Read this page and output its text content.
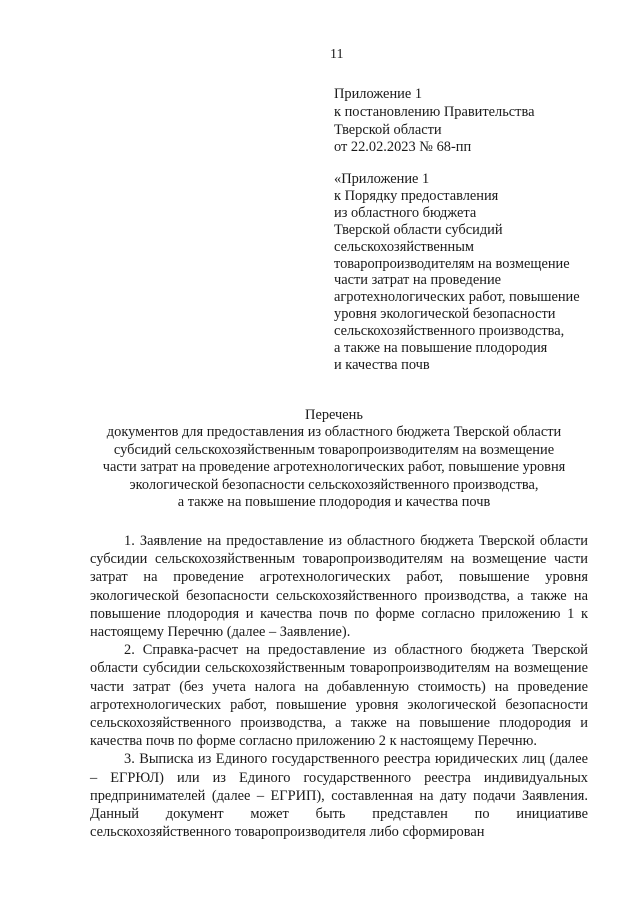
11
Приложение 1
к постановлению Правительства
Тверской области
от 22.02.2023 № 68-пп
«Приложение 1
к Порядку предоставления
из областного бюджета
Тверской области субсидий
сельскохозяйственным
товаропроизводителям на возмещение
части затрат на проведение
агротехнологических работ, повышение
уровня экологической безопасности
сельскохозяйственного производства,
а также на повышение плодородия
и качества почв
Перечень
документов для предоставления из областного бюджета Тверской области
субсидий сельскохозяйственным товаропроизводителям на возмещение
части затрат на проведение агротехнологических работ, повышение уровня
экологической безопасности сельскохозяйственного производства,
а также на повышение плодородия и качества почв

1. Заявление на предоставление из областного бюджета Тверской области субсидии сельскохозяйственным товаропроизводителям на возмещение части затрат на проведение агротехнологических работ, повышение уровня экологической безопасности сельскохозяйственного производства, а также на повышение плодородия и качества почв по форме согласно приложению 1 к настоящему Перечню (далее – Заявление).

2. Справка-расчет на предоставление из областного бюджета Тверской области субсидии сельскохозяйственным товаропроизводителям на возмещение части затрат (без учета налога на добавленную стоимость) на проведение агротехнологических работ, повышение уровня экологической безопасности сельскохозяйственного производства, а также на повышение плодородия и качества почв по форме согласно приложению 2 к настоящему Перечню.

3. Выписка из Единого государственного реестра юридических лиц (далее – ЕГРЮЛ) или из Единого государственного реестра индивидуальных предпринимателей (далее – ЕГРИП), составленная на дату подачи Заявления. Данный документ может быть представлен по инициативе сельскохозяйственного товаропроизводителя либо сформирован
